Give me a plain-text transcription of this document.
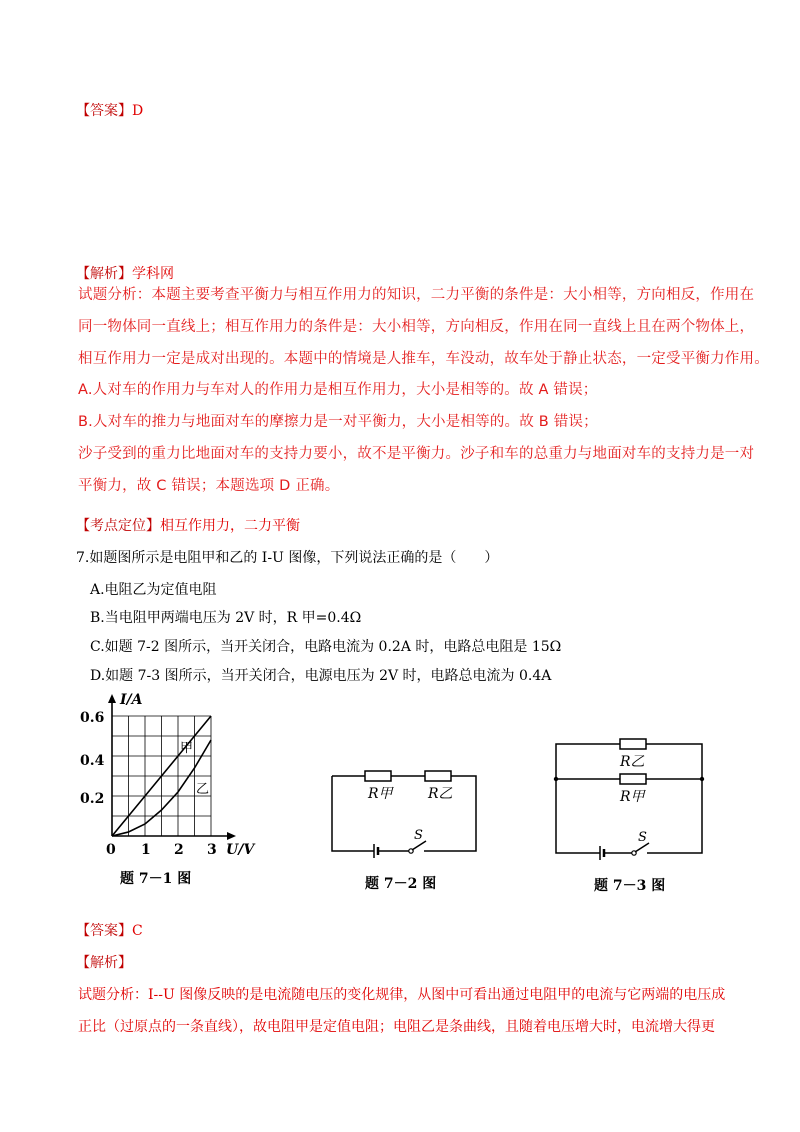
【答案】D
【解析】学科网
试题分析：本题主要考查平衡力与相互作用力的知识，二力平衡的条件是：大小相等，方向相反，作用在
同一物体同一直线上；相互作用力的条件是：大小相等，方向相反，作用在同一直线上且在两个物体上，
相互作用力一定是成对出现的。本题中的情境是人推车，车没动，故车处于静止状态，一定受平衡力作用。
A.人对车的作用力与车对人的作用力是相互作用力，大小是相等的。故 A 错误；
B.人对车的推力与地面对车的摩擦力是一对平衡力，大小是相等的。故 B 错误；
沙子受到的重力比地面对车的支持力要小，故不是平衡力。沙子和车的总重力与地面对车的支持力是一对
平衡力，故 C 错误；本题选项 D 正确。
【考点定位】相互作用力，二力平衡
7.如题图所示是电阻甲和乙的 I-U 图像，下列说法正确的是（　　）
A.电阻乙为定值电阻
B.当电阻甲两端电压为 2V 时，R 甲=0.4Ω
C.如题 7-2 图所示，当开关闭合，电路电流为 0.2A 时，电路总电阻是 15Ω
D.如题 7-3 图所示，当开关闭合，电源电压为 2V 时，电路总电流为 0.4A
I/A
0.6
0.4
0.2
0 1 2 3 U/V
甲
乙
题 7－1 图
R甲	R乙
S
题 7－2 图
R乙
R甲
S
题 7－3 图
【答案】C
【解析】
试题分析：I--U 图像反映的是电流随电压的变化规律，从图中可看出通过电阻甲的电流与它两端的电压成
正比（过原点的一条直线），故电阻甲是定值电阻；电阻乙是条曲线，且随着电压增大时，电流增大得更
